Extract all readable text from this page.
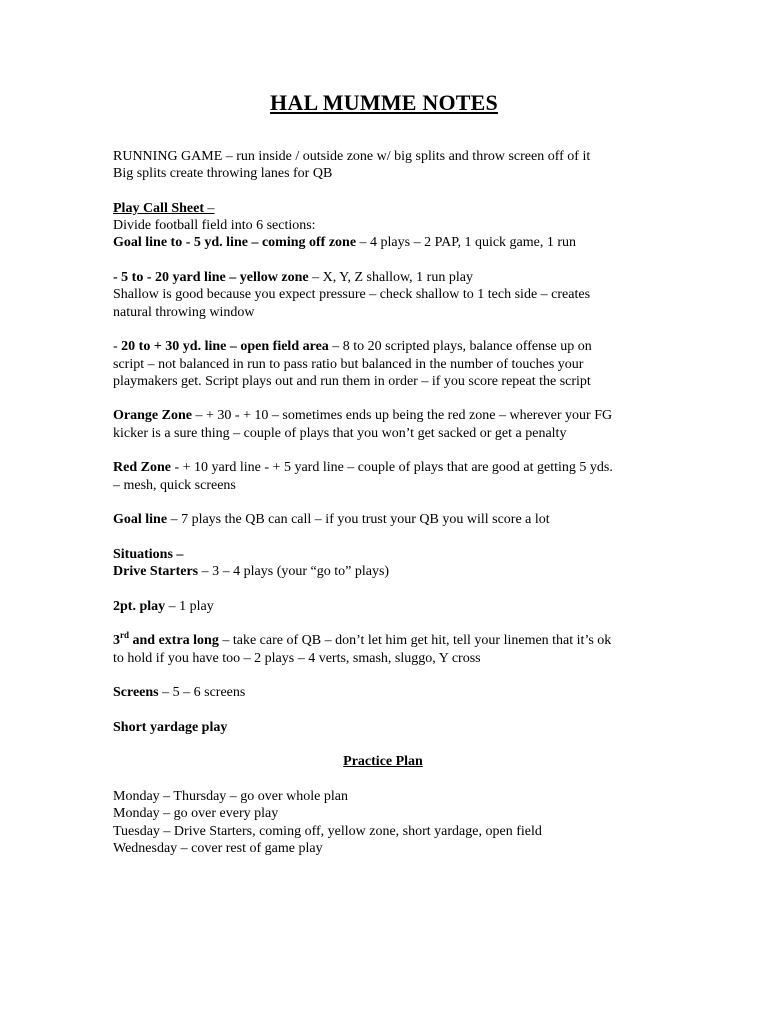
HAL MUMME NOTES
RUNNING GAME – run inside / outside zone w/ big splits and throw screen off of it
Big splits create throwing lanes for QB
Play Call Sheet –
Divide football field into 6 sections:
Goal line to - 5 yd. line – coming off zone – 4 plays – 2 PAP, 1 quick game, 1 run
- 5 to - 20 yard line – yellow zone – X, Y, Z shallow, 1 run play
Shallow is good because you expect pressure – check shallow to 1 tech side – creates
natural throwing window
- 20 to + 30 yd. line – open field area – 8 to 20 scripted plays, balance offense up on
script – not balanced in run to pass ratio but balanced in the number of touches your
playmakers get. Script plays out and run them in order – if you score repeat the script
Orange Zone – + 30 - + 10 – sometimes ends up being the red zone – wherever your FG
kicker is a sure thing – couple of plays that you won’t get sacked or get a penalty
Red Zone - + 10 yard line - + 5 yard line – couple of plays that are good at getting 5 yds.
– mesh, quick screens
Goal line – 7 plays the QB can call – if you trust your QB you will score a lot
Situations –
Drive Starters – 3 – 4 plays (your “go to” plays)
2pt. play – 1 play
3rd and extra long – take care of QB – don’t let him get hit, tell your linemen that it’s ok
to hold if you have too – 2 plays – 4 verts, smash, sluggo, Y cross
Screens – 5 – 6 screens
Short yardage play
Practice Plan
Monday – Thursday – go over whole plan
Monday – go over every play
Tuesday – Drive Starters, coming off, yellow zone, short yardage, open field
Wednesday – cover rest of game play
